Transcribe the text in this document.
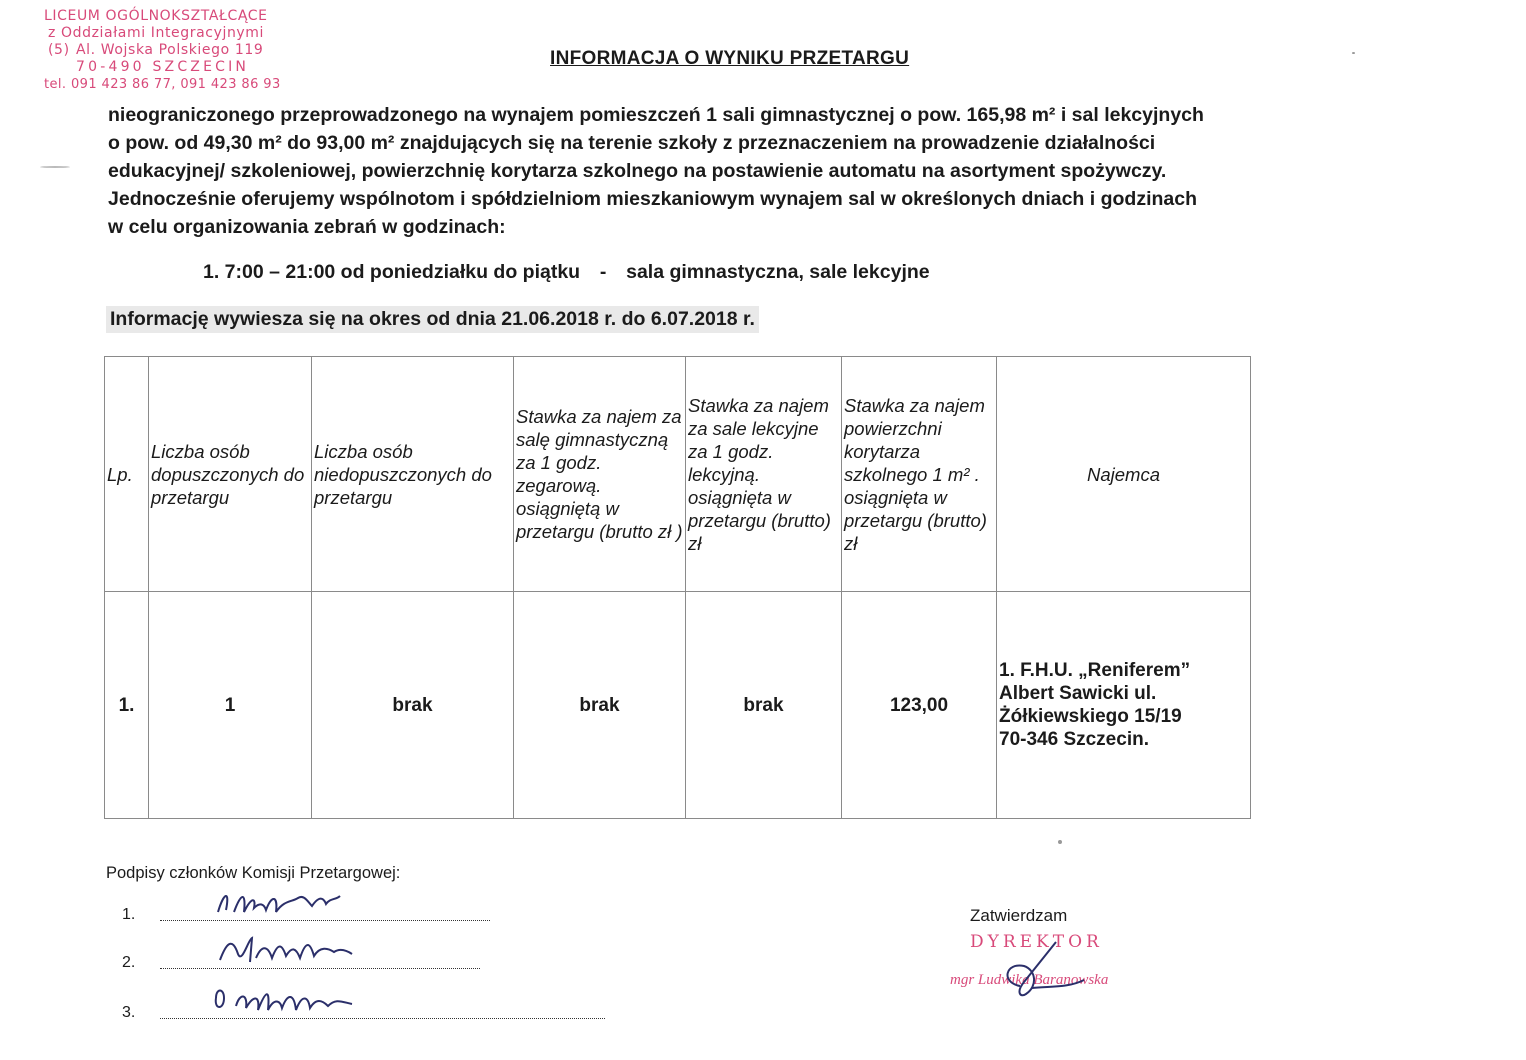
LICEUM OGÓLNOKSZTAŁCĄCE
z Oddziałami Integracyjnymi
(5) Al. Wojska Polskiego 119
70-490 SZCZECIN
tel. 091 423 86 77, 091 423 86 93
INFORMACJA O WYNIKU PRZETARGU

nieograniczonego przeprowadzonego na wynajem pomieszczeń 1 sali gimnastycznej o pow. 165,98 m² i sal lekcyjnych
o pow. od 49,30 m² do 93,00 m² znajdujących się na terenie szkoły z przeznaczeniem na prowadzenie działalności
edukacyjnej/ szkoleniowej, powierzchnię korytarza szkolnego na postawienie automatu na asortyment spożywczy.
Jednocześnie oferujemy wspólnotom i spółdzielniom mieszkaniowym wynajem sal w określonych dniach i godzinach
w celu organizowania zebrań w godzinach:

1. 7:00 – 21:00 od poniedziałku do piątku - sala gimnastyczna, sale lekcyjne
Informację wywiesza się na okres od dnia 21.06.2018 r. do 6.07.2018 r.
Lp.	Liczba osób dopuszczonych do przetargu	Liczba osób niedopuszczonych do przetargu	Stawka za najem za salę gimnastyczną za 1 godz. zegarową. osiągniętą w przetargu (brutto zł )	Stawka za najem za sale lekcyjne za 1 godz. lekcyjną. osiągnięta w przetargu (brutto) zł	Stawka za najem powierzchni korytarza szkolnego 1 m² . osiągnięta w przetargu (brutto) zł	Najemca
1.	1	brak	brak	brak	123,00	1. F.H.U. „Reniferem”
Albert Sawicki ul.
Żółkiewskiego 15/19
70-346 Szczecin.
Podpisy członków Komisji Przetargowej:
1.
2.
3.
Zatwierdzam
DYREKTOR
mgr Ludwika Baranowska
